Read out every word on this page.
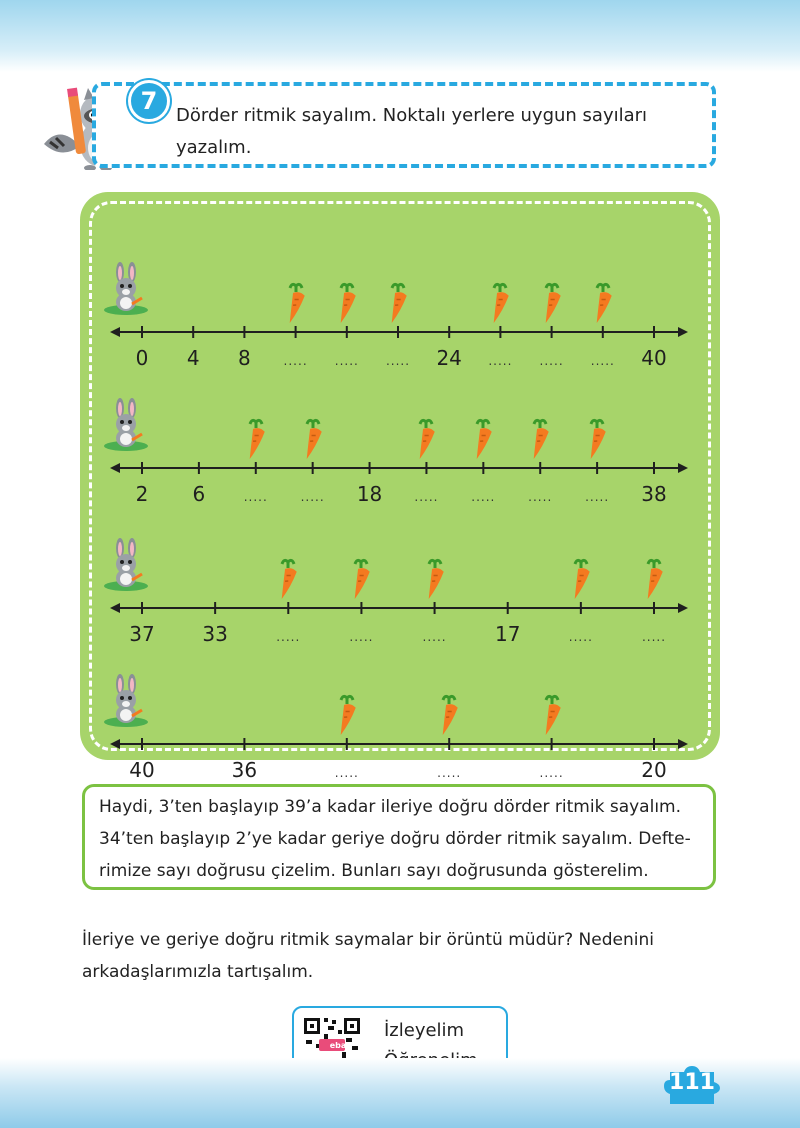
Dörder ritmik sayalım. Noktalı yerlere uygun sayıları
yazalım.
7
0 4 8	..... ..... ..... 24 ..... ..... ..... 40
2 6	.....	..... 18	.....	.....	.....	..... 38
37 33	.....	.....	..... 17	.....	.....
40	36	.....	.....	.....	20
Haydi, 3’ten başlayıp 39’a kadar ileriye doğru dörder ritmik sayalım.
34’ten başlayıp 2’ye kadar geriye doğru dörder ritmik sayalım. Defte-
rimize sayı doğrusu çizelim. Bunları sayı doğrusunda gösterelim.
İleriye ve geriye doğru ritmik saymalar bir örüntü müdür? Nedenini
arkadaşlarımızla tartışalım.
eba
İzleyelim
111
